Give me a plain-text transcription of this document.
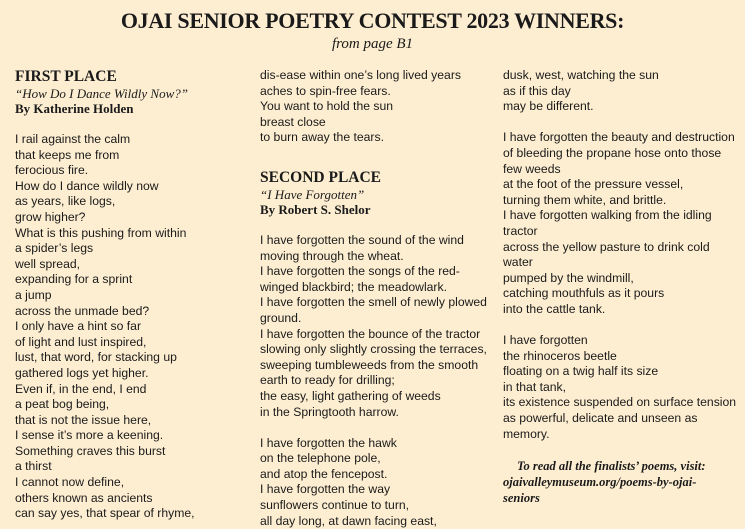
OJAI SENIOR POETRY CONTEST 2023 WINNERS:
from page B1
FIRST PLACE
“How Do I Dance Wildly Now?”
By Katherine Holden
I rail against the calm
that keeps me from
ferocious fire.
How do I dance wildly now
as years, like logs,
grow higher?
What is this pushing from within
a spider’s legs
well spread,
expanding for a sprint
a jump
across the unmade bed?
I only have a hint so far
of light and lust inspired,
lust, that word, for stacking up
gathered logs yet higher.
Even if, in the end, I end
a peat bog being,
that is not the issue here,
I sense it’s more a keening.
Something craves this burst
a thirst
I cannot now define,
others known as ancients
can say yes, that spear of rhyme,
dis-ease within one’s long lived years
aches to spin-free fears.
You want to hold the sun
breast close
to burn away the tears.
SECOND PLACE
“I Have Forgotten”
By Robert S. Shelor
I have forgotten the sound of the wind
moving through the wheat.
I have forgotten the songs of the red-
winged blackbird; the meadowlark.
I have forgotten the smell of newly plowed
ground.
I have forgotten the bounce of the tractor
slowing only slightly crossing the terraces,
sweeping tumbleweeds from the smooth
earth to ready for drilling;
the easy, light gathering of weeds
in the Springtooth harrow.
I have forgotten the hawk
on the telephone pole,
and atop the fencepost.
I have forgotten the way
sunflowers continue to turn,
all day long, at dawn facing east,
dusk, west, watching the sun
as if this day
may be different.
I have forgotten the beauty and destruction
of bleeding the propane hose onto those
few weeds
at the foot of the pressure vessel,
turning them white, and brittle.
I have forgotten walking from the idling
tractor
across the yellow pasture to drink cold
water
pumped by the windmill,
catching mouthfuls as it pours
into the cattle tank.
I have forgotten
the rhinoceros beetle
floating on a twig half its size
in that tank,
its existence suspended on surface tension
as powerful, delicate and unseen as
memory.
To read all the finalists’ poems, visit:
ojaivalleymuseum.org/poems-by-ojai-
seniors
